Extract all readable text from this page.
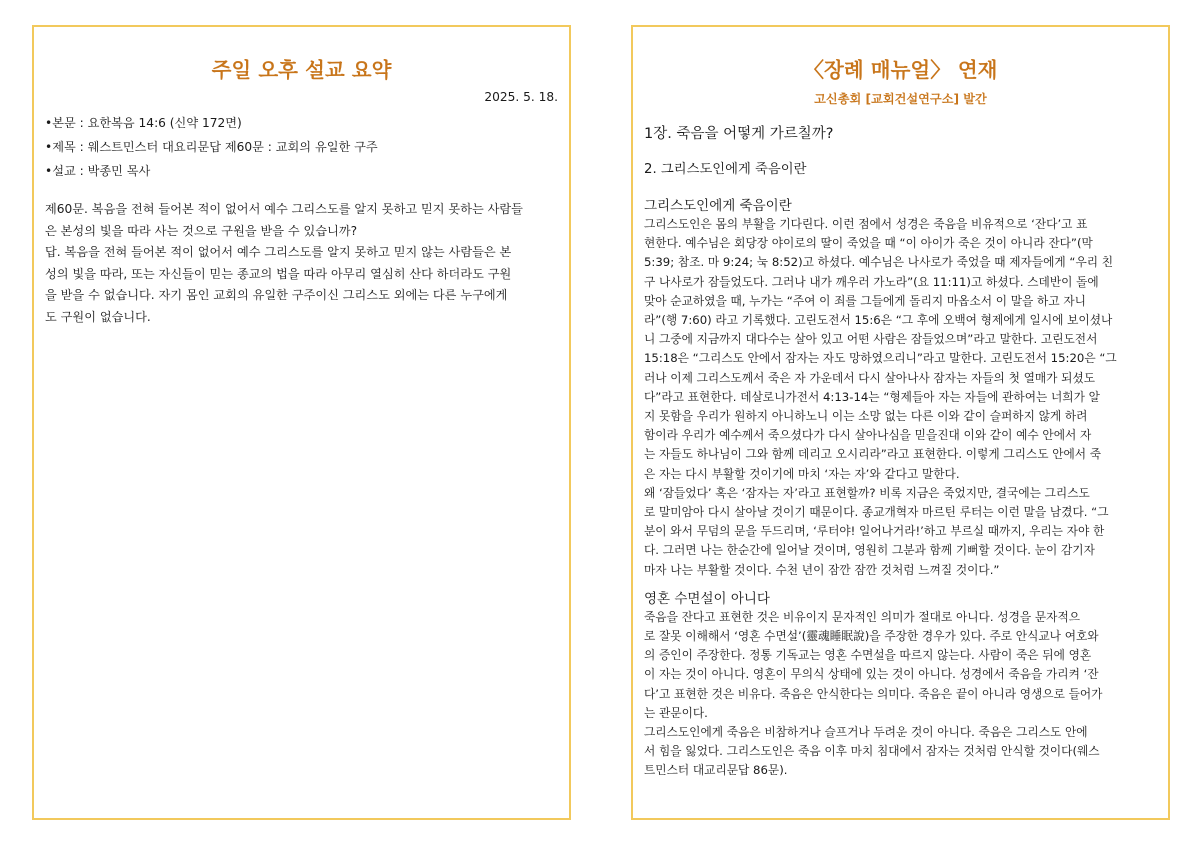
주일 오후 설교 요약

2025. 5. 18.

•본문 : 요한복음 14:6 (신약 172면)

•제목 : 웨스트민스터 대요리문답 제60문 : 교회의 유일한 구주

•설교 : 박종민 목사

제60문. 복음을 전혀 들어본 적이 없어서 예수 그리스도를 알지 못하고 믿지 못하는 사람들

은 본성의 빛을 따라 사는 것으로 구원을 받을 수 있습니까?

답. 복음을 전혀 들어본 적이 없어서 예수 그리스도를 알지 못하고 믿지 않는 사람들은 본

성의 빛을 따라, 또는 자신들이 믿는 종교의 법을 따라 아무리 열심히 산다 하더라도 구원

을 받을 수 없습니다. 자기 몸인 교회의 유일한 구주이신 그리스도 외에는 다른 누구에게

도 구원이 없습니다.

〈장례 매뉴얼〉 연재

고신총회 [교회건설연구소] 발간

1장. 죽음을 어떻게 가르칠까?

2. 그리스도인에게 죽음이란

그리스도인에게 죽음이란

그리스도인은 몸의 부활을 기다린다. 이런 점에서 성경은 죽음을 비유적으로 ‘잔다’고 표

현한다. 예수님은 회당장 야이로의 딸이 죽었을 때 “이 아이가 죽은 것이 아니라 잔다”(막

5:39; 참조. 마 9:24; 눅 8:52)고 하셨다. 예수님은 나사로가 죽었을 때 제자들에게 “우리 친

구 나사로가 잠들었도다. 그러나 내가 깨우러 가노라”(요 11:11)고 하셨다. 스데반이 돌에

맞아 순교하였을 때, 누가는 “주여 이 죄를 그들에게 돌리지 마옵소서 이 말을 하고 자니

라”(행 7:60) 라고 기록했다. 고린도전서 15:6은 “그 후에 오백여 형제에게 일시에 보이셨나

니 그중에 지금까지 대다수는 살아 있고 어떤 사람은 잠들었으며”라고 말한다. 고린도전서

15:18은 “그리스도 안에서 잠자는 자도 망하였으리니”라고 말한다. 고린도전서 15:20은 “그

러나 이제 그리스도께서 죽은 자 가운데서 다시 살아나사 잠자는 자들의 첫 열매가 되셨도

다”라고 표현한다. 데살로니가전서 4:13-14는 “형제들아 자는 자들에 관하여는 너희가 알

지 못함을 우리가 원하지 아니하노니 이는 소망 없는 다른 이와 같이 슬퍼하지 않게 하려

함이라 우리가 예수께서 죽으셨다가 다시 살아나심을 믿을진대 이와 같이 예수 안에서 자

는 자들도 하나님이 그와 함께 데리고 오시리라”라고 표현한다. 이렇게 그리스도 안에서 죽

은 자는 다시 부활할 것이기에 마치 ‘자는 자’와 같다고 말한다.

왜 ‘잠들었다’ 혹은 ‘잠자는 자’라고 표현할까? 비록 지금은 죽었지만, 결국에는 그리스도

로 말미암아 다시 살아날 것이기 때문이다. 종교개혁자 마르틴 루터는 이런 말을 남겼다. “그

분이 와서 무덤의 문을 두드리며, ‘루터야! 일어나거라!’하고 부르실 때까지, 우리는 자야 한

다. 그러면 나는 한순간에 일어날 것이며, 영원히 그분과 함께 기뻐할 것이다. 눈이 감기자

마자 나는 부활할 것이다. 수천 년이 잠깐 잠깐 것처럼 느껴질 것이다.”

영혼 수면설이 아니다

죽음을 잔다고 표현한 것은 비유이지 문자적인 의미가 절대로 아니다. 성경을 문자적으

로 잘못 이해해서 ‘영혼 수면설’(靈魂睡眠說)을 주장한 경우가 있다. 주로 안식교나 여호와

의 증인이 주장한다. 정통 기독교는 영혼 수면설을 따르지 않는다. 사람이 죽은 뒤에 영혼

이 자는 것이 아니다. 영혼이 무의식 상태에 있는 것이 아니다. 성경에서 죽음을 가리켜 ‘잔

다’고 표현한 것은 비유다. 죽음은 안식한다는 의미다. 죽음은 끝이 아니라 영생으로 들어가

는 관문이다.

그리스도인에게 죽음은 비참하거나 슬프거나 두려운 것이 아니다. 죽음은 그리스도 안에

서 힘을 잃었다. 그리스도인은 죽음 이후 마치 침대에서 잠자는 것처럼 안식할 것이다(웨스

트민스터 대교리문답 86문).
